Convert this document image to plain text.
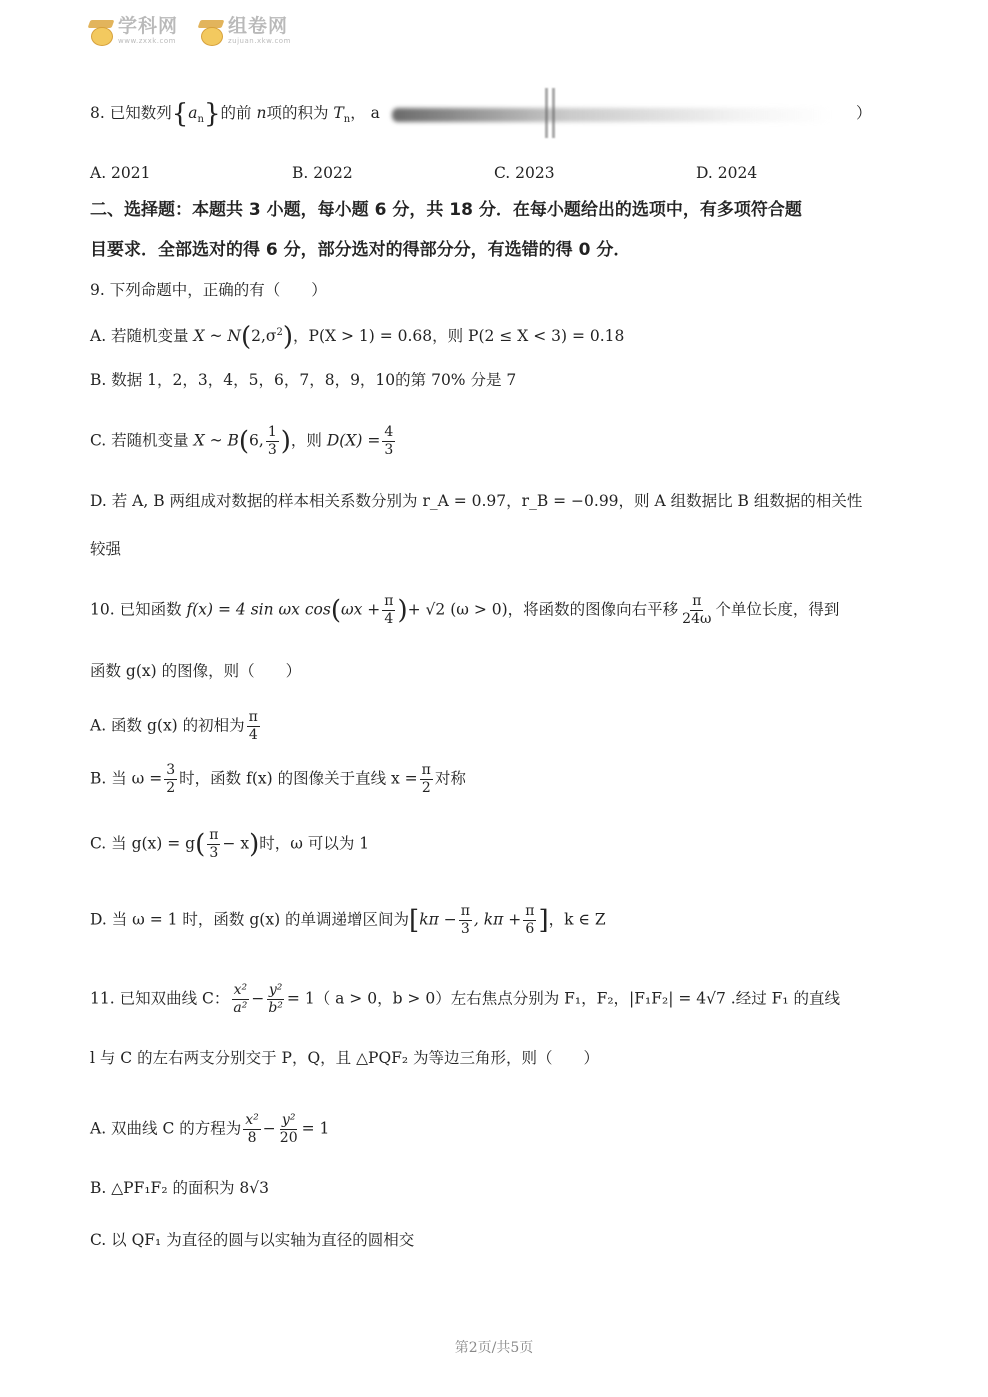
学科网
www.zxxk.com
组卷网
zujuan.xkw.com
8. 已知数列$\{a_n\}$的前 n项的积为 $T_n$， a	）
A. 2021	B. 2022	C. 2023	D. 2024
二、选择题：本题共 3 小题，每小题 6 分，共 18 分．在每小题给出的选项中，有多项符合题
目要求．全部选对的得 6 分，部分选对的得部分分，有选错的得 0 分．
9. 下列命题中，正确的有（　　）
A. 若随机变量 X ~ $N(2,\sigma^2)$，P(X > 1) = 0.68，则 P(2 ≤ X < 3) = 0.18
B. 数据 1，2，3，4，5，6，7，8，9，10的第 70% 分是 7
C. 若随机变量 X ~ B(6, $\frac{1}{3}$ )，则 $D(X) = \frac{4}{3}$
D. 若 A, B 两组成对数据的样本相关系数分别为 r_A = 0.97，r_B = −0.99，则 A 组数据比 B 组数据的相关性
较强
10. 已知函数 f(x) = 4 sin ωx $\cos(\omega x + \frac{\pi}{4}$ )+ √2 (ω > 0)，将函数的图像向右平移 $\frac{\pi}{24\omega}$ 个单位长度，得到
函数 g(x) 的图像，则（　　）
A. 函数 g(x) 的初相为 $\frac{\pi}{4}$
B. 当 $\omega = \frac{3}{2}$ 时，函数 f(x) 的图像关于直线 $x = \frac{\pi}{2}$ 对称
C. 当 $g(x) = g( \frac{\pi}{3} - x)$时，ω 可以为 1
D. 当 ω = 1 时，函数 g(x) 的单调递增区间为[$k\pi - \frac{\pi}{3}$ , $k\pi + \frac{\pi}{6}$ ]，k ∈ Z
11. 已知双曲线 C： $\frac{\text{x²}}{\text{a²}} - \frac{\text{y²}}{\text{b²}} = 1$（ a > 0，b > 0）左右焦点分别为 F₁，F₂，|F₁F₂| = 4√7 .经过 F₁ 的直线
l 与 C 的左右两支分别交于 P，Q，且 △PQF₂ 为等边三角形，则（　　）
A. 双曲线 C 的方程为 $\frac{\text{x²}}{8} - \frac{\text{y²}}{20} = 1$
B. △PF₁F₂ 的面积为 8√3
C. 以 QF₁ 为直径的圆与以实轴为直径的圆相交
第2页/共5页
